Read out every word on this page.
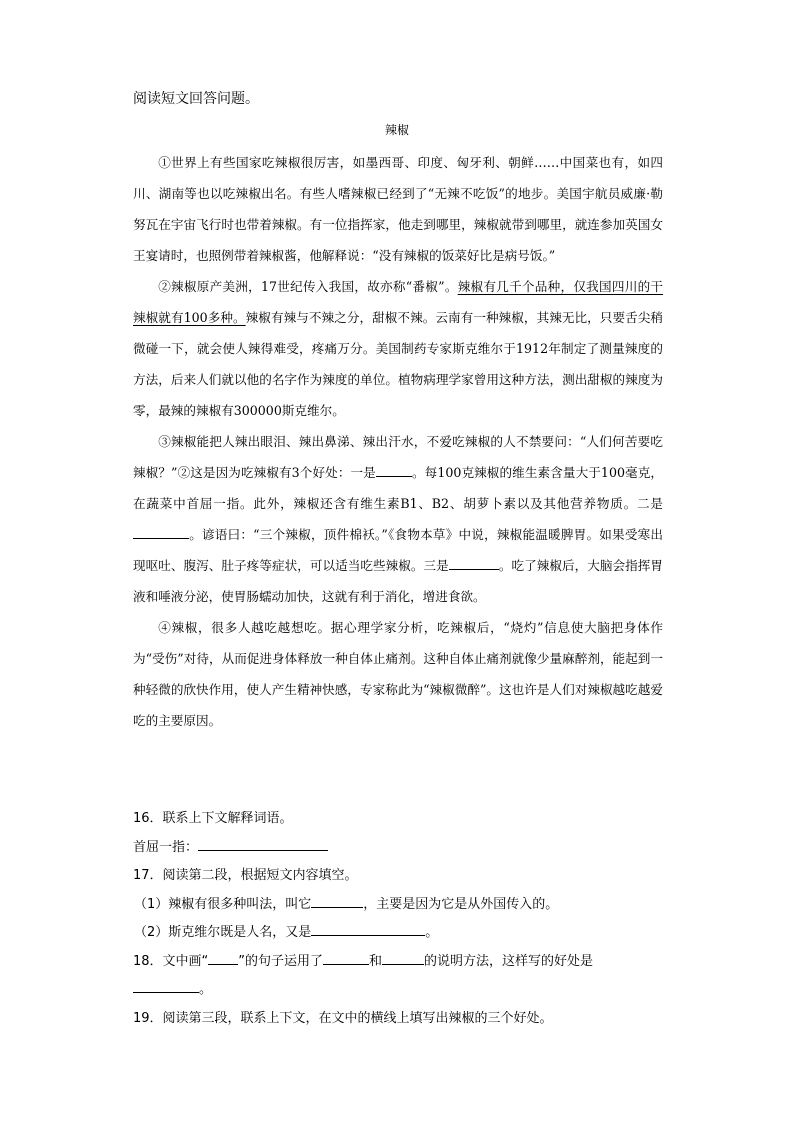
阅读短文回答问题。
辣椒

①世界上有些国家吃辣椒很厉害，如墨西哥、印度、匈牙利、朝鲜……中国菜也有，如四川、湖南等也以吃辣椒出名。有些人嗜辣椒已经到了“无辣不吃饭”的地步。美国宇航员威廉·勒努瓦在宇宙飞行时也带着辣椒。有一位指挥家，他走到哪里，辣椒就带到哪里，就连参加英国女王宴请时，也照例带着辣椒酱，他解释说：“没有辣椒的饭菜好比是病号饭。”

②辣椒原产美洲，17世纪传入我国，故亦称“番椒”。辣椒有几千个品种，仅我国四川的干辣椒就有100多种。辣椒有辣与不辣之分，甜椒不辣。云南有一种辣椒，其辣无比，只要舌尖稍微碰一下，就会使人辣得难受，疼痛万分。美国制药专家斯克维尔于1912年制定了测量辣度的方法，后来人们就以他的名字作为辣度的单位。植物病理学家曾用这种方法，测出甜椒的辣度为零，最辣的辣椒有300000斯克维尔。

③辣椒能把人辣出眼泪、辣出鼻涕、辣出汗水，不爱吃辣椒的人不禁要问：“人们何苦要吃辣椒？”②这是因为吃辣椒有3个好处：一是	。每100克辣椒的维生素含量大于100毫克，在蔬菜中首屈一指。此外，辣椒还含有维生素B1、B2、胡萝卜素以及其他营养物质。二是。谚语曰：“三个辣椒，顶件棉袄。”《食物本草》中说，辣椒能温暖脾胃。如果受寒出现呕吐、腹泻、肚子疼等症状，可以适当吃些辣椒。三是	。吃了辣椒后，大脑会指挥胃液和唾液分泌，使胃肠蠕动加快，这就有利于消化，增进食欲。

④辣椒，很多人越吃越想吃。据心理学家分析，吃辣椒后，“烧灼”信息使大脑把身体作为“受伤”对待，从而促进身体释放一种自体止痛剂。这种自体止痛剂就像少量麻醉剂，能起到一种轻微的欣快作用，使人产生精神快感，专家称此为“辣椒微醉”。这也许是人们对辣椒越吃越爱吃的主要原因。

16．联系上下文解释词语。

首屈一指：

17．阅读第二段，根据短文内容填空。

（1）辣椒有很多种叫法，叫它	，主要是因为它是从外国传入的。

（2）斯克维尔既是人名，又是	。

18．文中画“ ”的句子运用了	和	的说明方法，这样写的好处是
。

19．阅读第三段，联系上下文，在文中的横线上填写出辣椒的三个好处。
